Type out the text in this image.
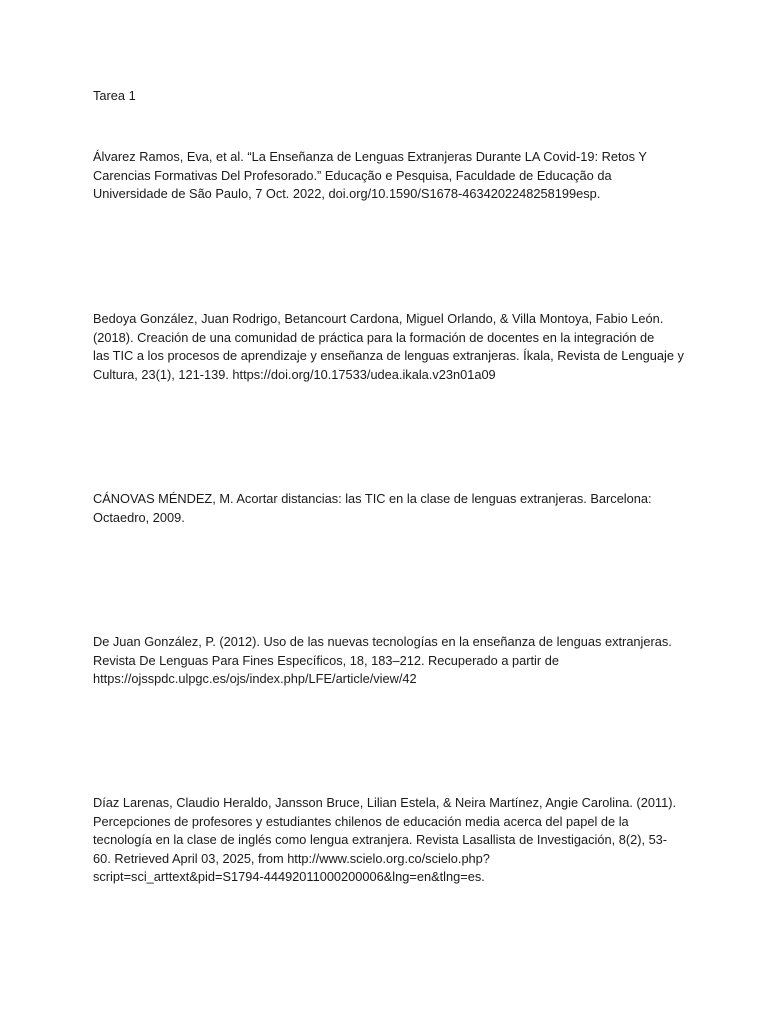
Tarea 1

Álvarez Ramos, Eva, et al. “La Enseñanza de Lenguas Extranjeras Durante LA Covid-19: Retos Y
Carencias Formativas Del Profesorado.” Educação e Pesquisa, Faculdade de Educação da
Universidade de São Paulo, 7 Oct. 2022, doi.org/10.1590/S1678-4634202248258199esp.

Bedoya González, Juan Rodrigo, Betancourt Cardona, Miguel Orlando, & Villa Montoya, Fabio León.
(2018). Creación de una comunidad de práctica para la formación de docentes en la integración de
las TIC a los procesos de aprendizaje y enseñanza de lenguas extranjeras. Íkala, Revista de Lenguaje y
Cultura, 23(1), 121-139. https://doi.org/10.17533/udea.ikala.v23n01a09

CÁNOVAS MÉNDEZ, M. Acortar distancias: las TIC en la clase de lenguas extranjeras. Barcelona:
Octaedro, 2009.

De Juan González, P. (2012). Uso de las nuevas tecnologías en la enseñanza de lenguas extranjeras.
Revista De Lenguas Para Fines Específicos, 18, 183–212. Recuperado a partir de
https://ojsspdc.ulpgc.es/ojs/index.php/LFE/article/view/42

Díaz Larenas, Claudio Heraldo, Jansson Bruce, Lilian Estela, & Neira Martínez, Angie Carolina. (2011).
Percepciones de profesores y estudiantes chilenos de educación media acerca del papel de la
tecnología en la clase de inglés como lengua extranjera. Revista Lasallista de Investigación, 8(2), 53-
60. Retrieved April 03, 2025, from http://www.scielo.org.co/scielo.php?
script=sci_arttext&pid=S1794-44492011000200006&lng=en&tlng=es.
